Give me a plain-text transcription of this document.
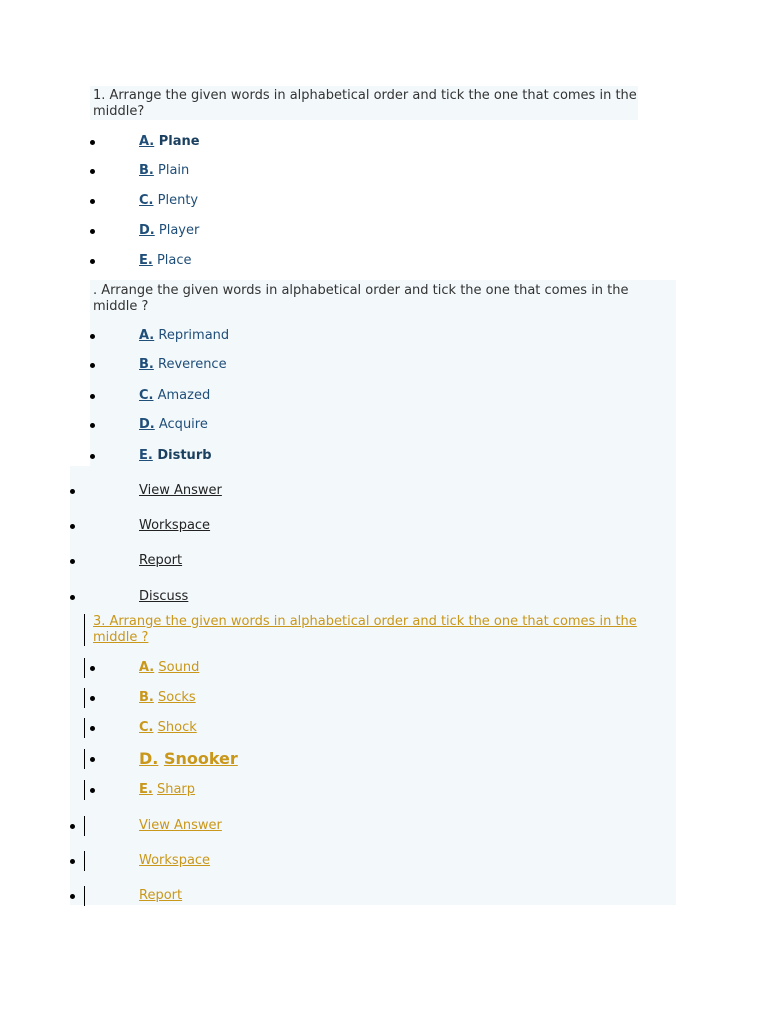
1. Arrange the given words in alphabetical order and tick the one that comes in the middle?
A. Plane
B. Plain
C. Plenty
D. Player
E. Place
. Arrange the given words in alphabetical order and tick the one that comes in the middle ?
A. Reprimand
B. Reverence
C. Amazed
D. Acquire
E. Disturb
View Answer
Workspace
Report
Discuss
3. Arrange the given words in alphabetical order and tick the one that comes in the middle ?
A. Sound
B. Socks
C. Shock
D. Snooker
E. Sharp
View Answer
Workspace
Report
